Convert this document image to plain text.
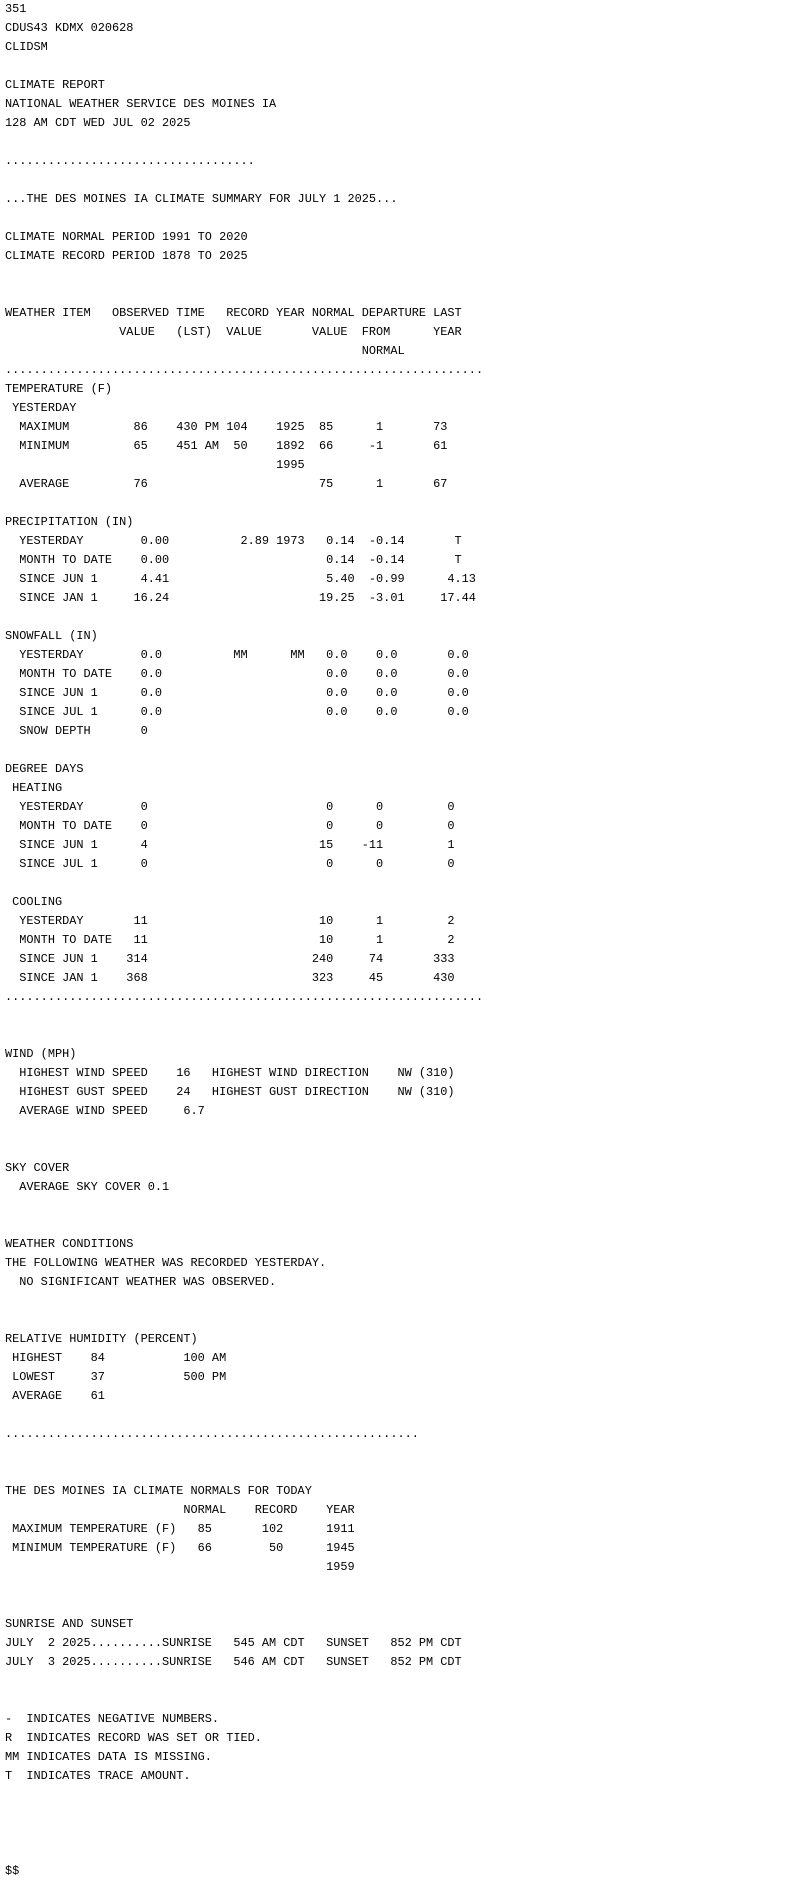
351
CDUS43 KDMX 020628
CLIDSM
CLIMATE REPORT
NATIONAL WEATHER SERVICE DES MOINES IA
128 AM CDT WED JUL 02 2025
...................................
...THE DES MOINES IA CLIMATE SUMMARY FOR JULY 1 2025...
CLIMATE NORMAL PERIOD 1991 TO 2020
CLIMATE RECORD PERIOD 1878 TO 2025
WEATHER ITEM   OBSERVED TIME   RECORD YEAR NORMAL DEPARTURE LAST
VALUE   (LST)  VALUE       VALUE  FROM      YEAR
NORMAL
...................................................................
TEMPERATURE (F)
YESTERDAY
MAXIMUM         86    430 PM 104    1925  85      1       73
MINIMUM         65    451 AM  50    1892  66     -1       61
1995
AVERAGE         76                        75      1       67
PRECIPITATION (IN)
YESTERDAY        0.00          2.89 1973   0.14  -0.14       T
MONTH TO DATE    0.00                      0.14  -0.14       T
SINCE JUN 1      4.41                      5.40  -0.99      4.13
SINCE JAN 1     16.24                     19.25  -3.01     17.44
SNOWFALL (IN)
YESTERDAY        0.0          MM      MM   0.0    0.0       0.0
MONTH TO DATE    0.0                       0.0    0.0       0.0
SINCE JUN 1      0.0                       0.0    0.0       0.0
SINCE JUL 1      0.0                       0.0    0.0       0.0
SNOW DEPTH       0
DEGREE DAYS
HEATING
YESTERDAY        0                         0      0         0
MONTH TO DATE    0                         0      0         0
SINCE JUN 1      4                        15    -11         1
SINCE JUL 1      0                         0      0         0
COOLING
YESTERDAY       11                        10      1         2
MONTH TO DATE   11                        10      1         2
SINCE JUN 1    314                       240     74       333
SINCE JAN 1    368                       323     45       430
...................................................................
WIND (MPH)
HIGHEST WIND SPEED    16   HIGHEST WIND DIRECTION    NW (310)
HIGHEST GUST SPEED    24   HIGHEST GUST DIRECTION    NW (310)
AVERAGE WIND SPEED     6.7
SKY COVER
AVERAGE SKY COVER 0.1
WEATHER CONDITIONS
THE FOLLOWING WEATHER WAS RECORDED YESTERDAY.
NO SIGNIFICANT WEATHER WAS OBSERVED.
RELATIVE HUMIDITY (PERCENT)
HIGHEST    84           100 AM
LOWEST     37           500 PM
AVERAGE    61
..........................................................
THE DES MOINES IA CLIMATE NORMALS FOR TODAY
NORMAL    RECORD    YEAR
MAXIMUM TEMPERATURE (F)   85       102      1911
MINIMUM TEMPERATURE (F)   66        50      1945
1959
SUNRISE AND SUNSET
JULY  2 2025..........SUNRISE   545 AM CDT   SUNSET   852 PM CDT
JULY  3 2025..........SUNRISE   546 AM CDT   SUNSET   852 PM CDT
-  INDICATES NEGATIVE NUMBERS.
R  INDICATES RECORD WAS SET OR TIED.
MM INDICATES DATA IS MISSING.
T  INDICATES TRACE AMOUNT.
$$
